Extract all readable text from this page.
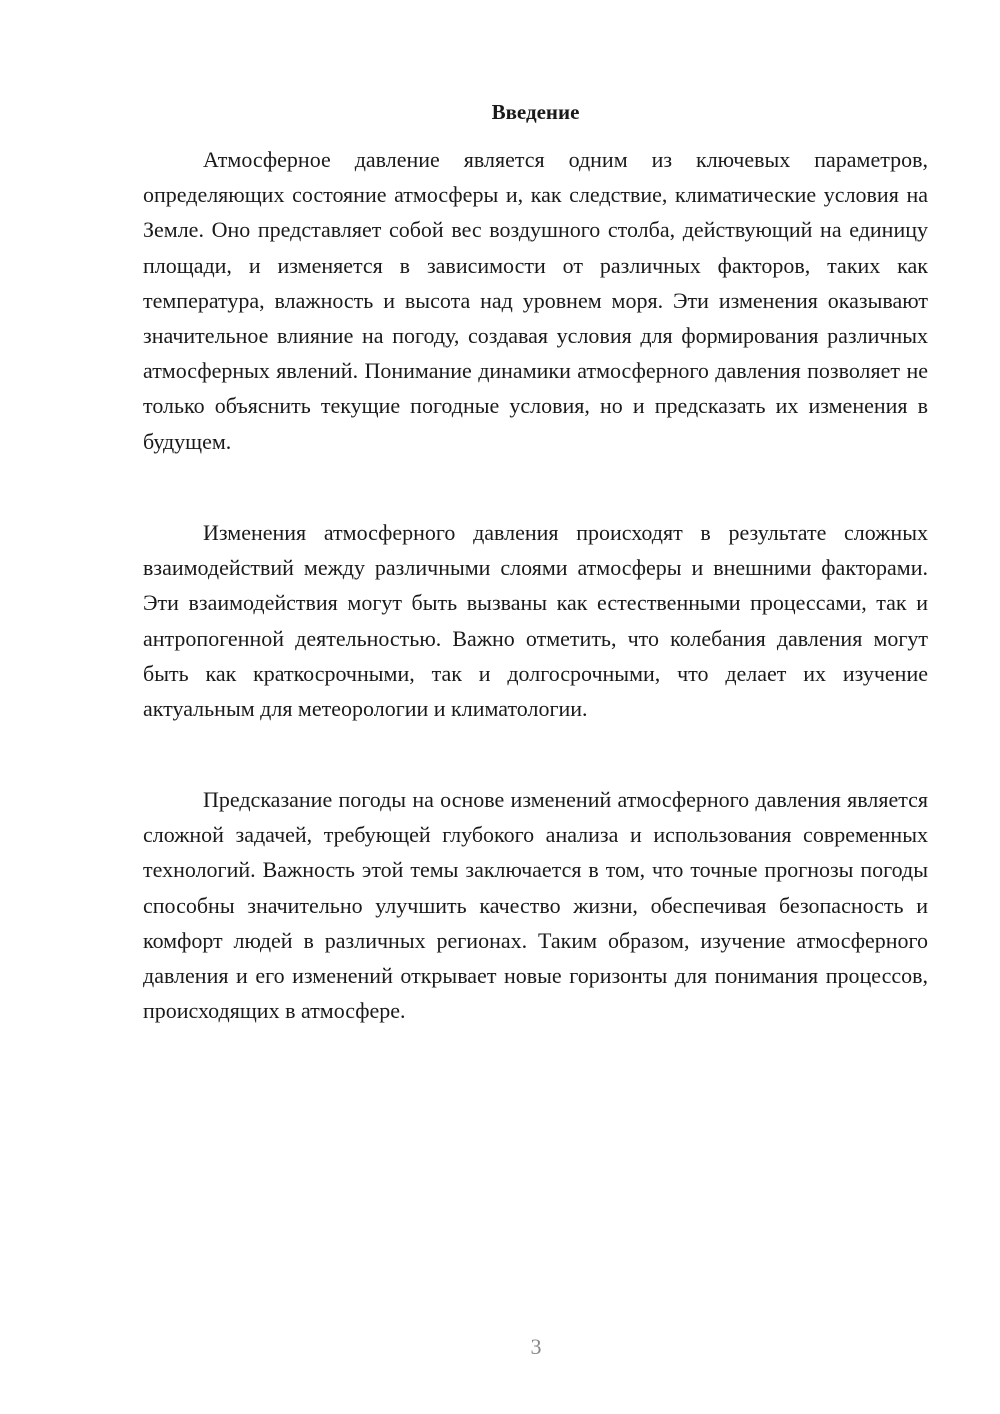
Введение

Атмосферное давление является одним из ключевых параметров, определяющих состояние атмосферы и, как следствие, климатические условия на Земле. Оно представляет собой вес воздушного столба, действующий на единицу площади, и изменяется в зависимости от различных факторов, таких как температура, влажность и высота над уровнем моря. Эти изменения оказывают значительное влияние на погоду, создавая условия для формирования различных атмосферных явлений. Понимание динамики атмосферного давления позволяет не только объяснить текущие погодные условия, но и предсказать их изменения в будущем.

Изменения атмосферного давления происходят в результате сложных взаимодействий между различными слоями атмосферы и внешними факторами. Эти взаимодействия могут быть вызваны как естественными процессами, так и антропогенной деятельностью. Важно отметить, что колебания давления могут быть как краткосрочными, так и долгосрочными, что делает их изучение актуальным для метеорологии и климатологии.

Предсказание погоды на основе изменений атмосферного давления является сложной задачей, требующей глубокого анализа и использования современных технологий. Важность этой темы заключается в том, что точные прогнозы погоды способны значительно улучшить качество жизни, обеспечивая безопасность и комфорт людей в различных регионах. Таким образом, изучение атмосферного давления и его изменений открывает новые горизонты для понимания процессов, происходящих в атмосфере.

3
